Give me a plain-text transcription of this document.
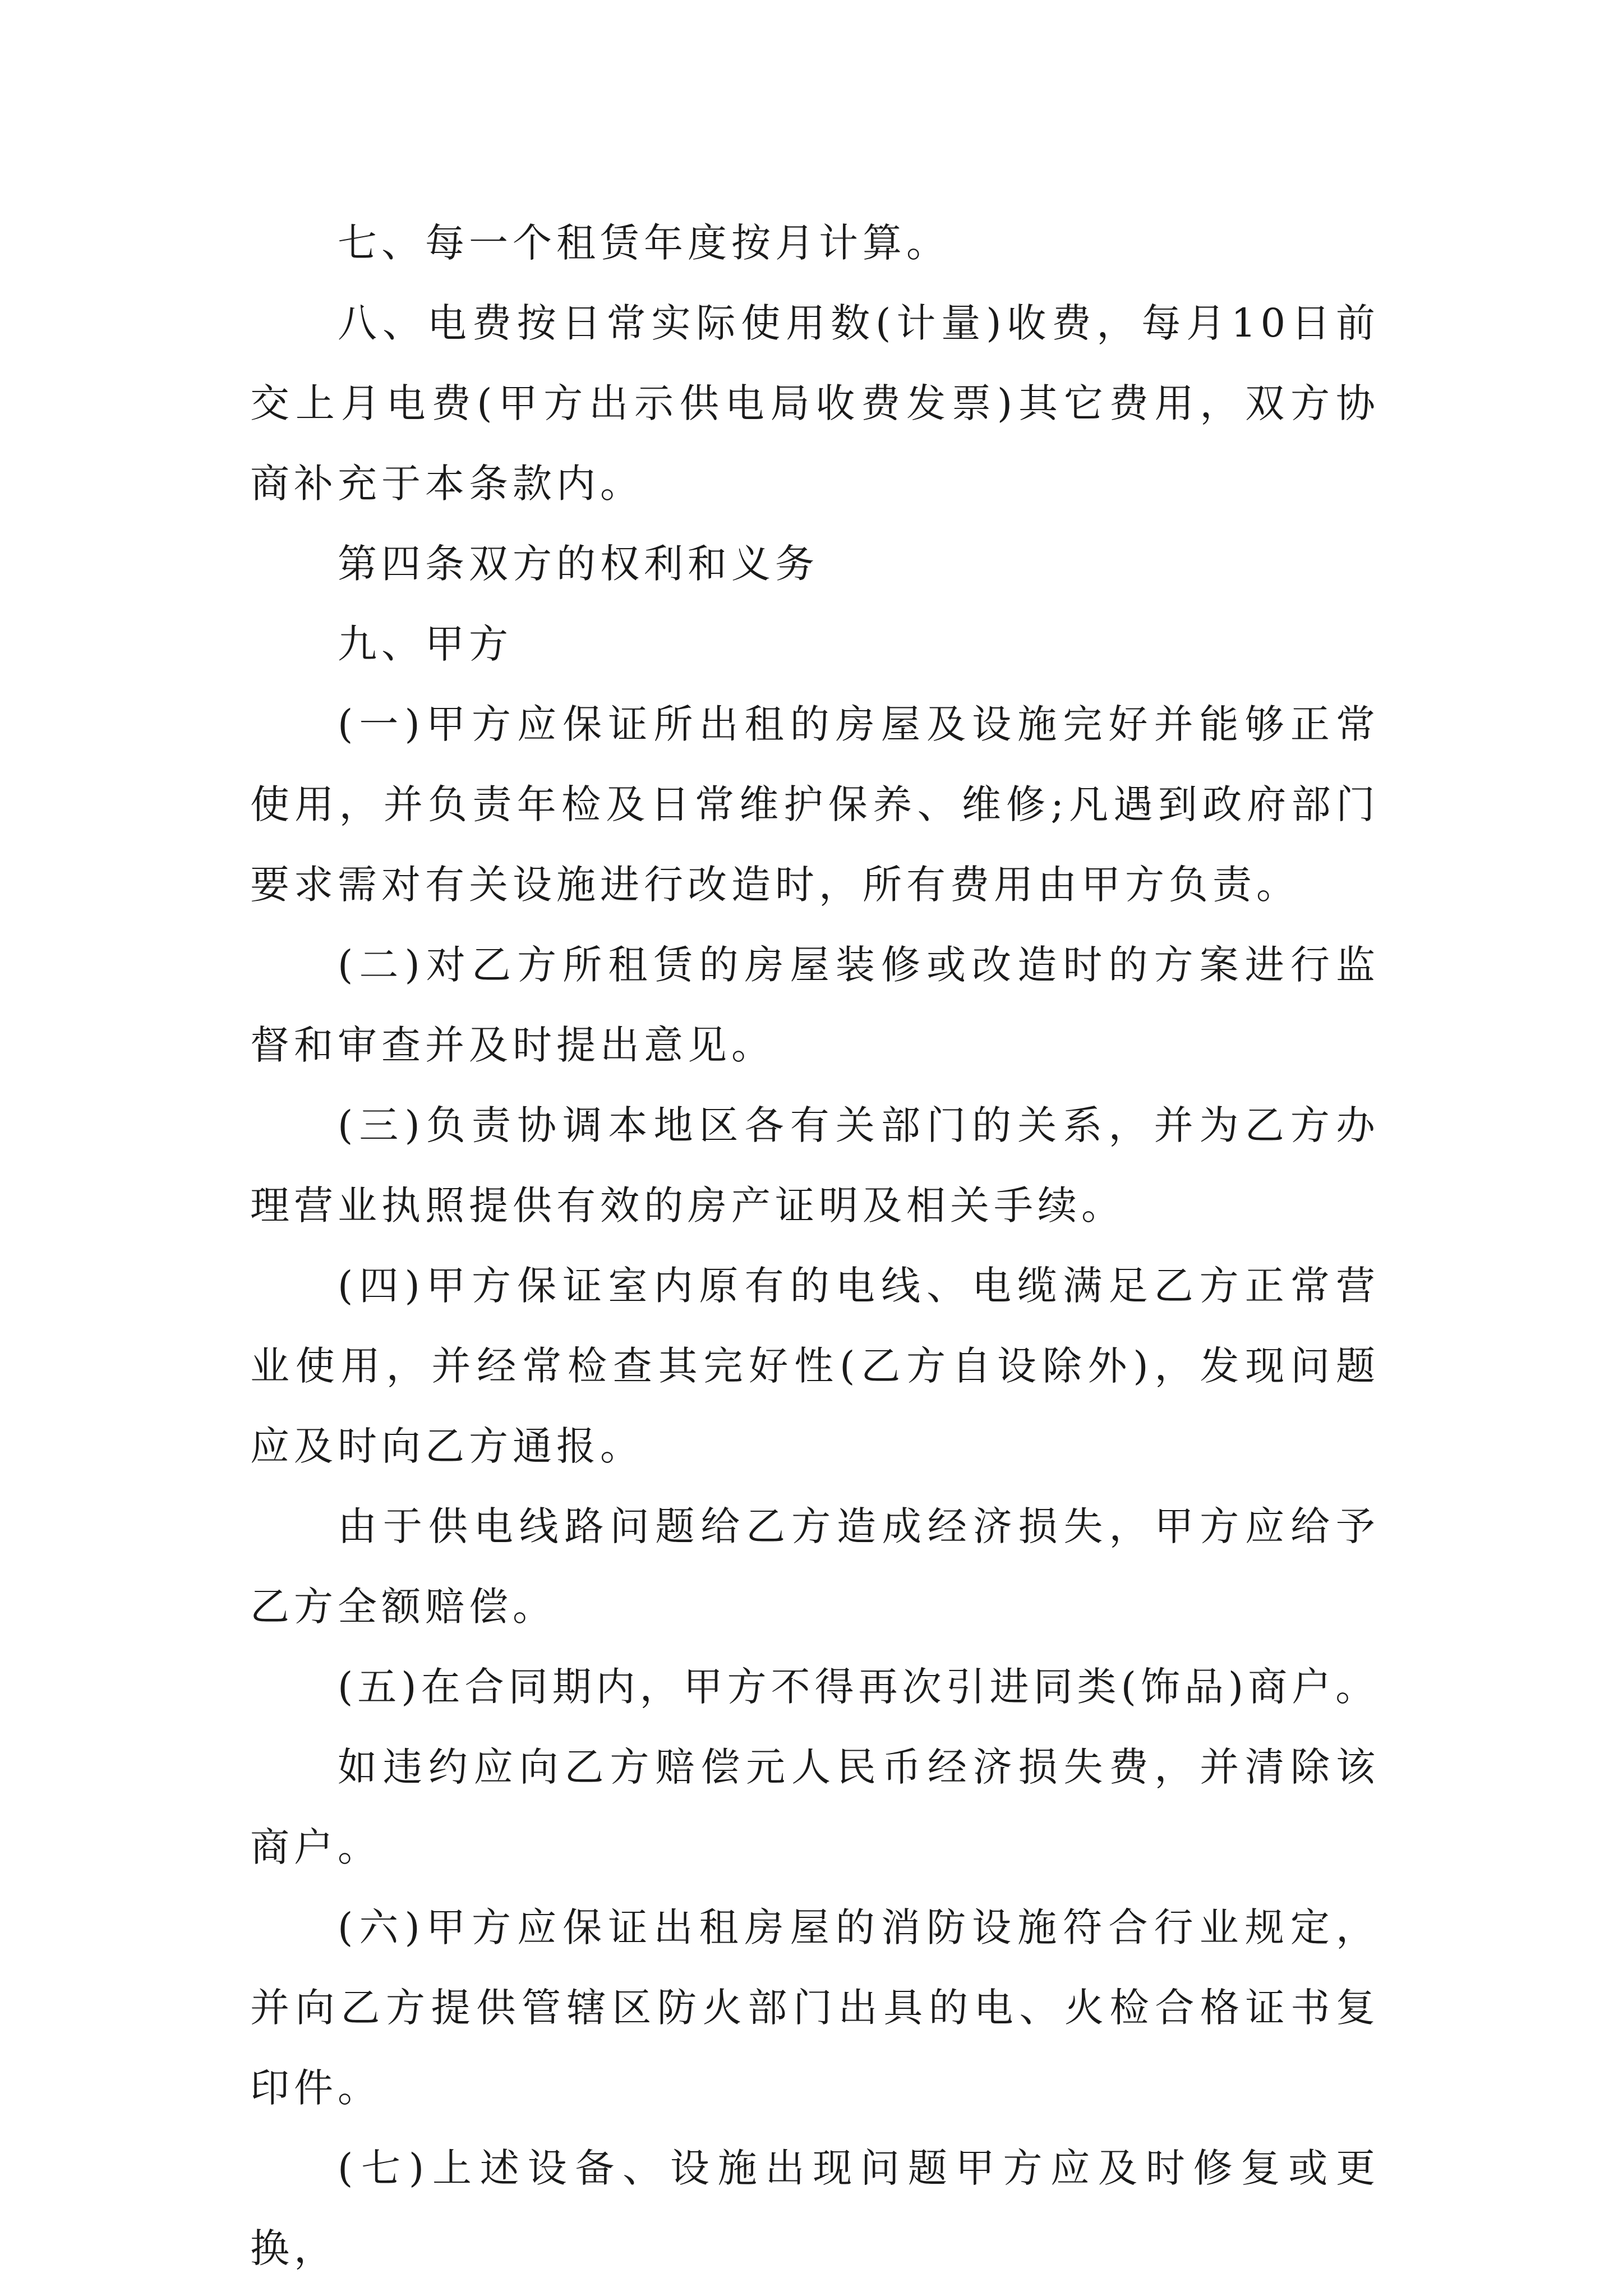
七、每一个租赁年度按月计算。

八、电费按日常实际使用数(计量)收费，每月10日前交上月电费(甲方出示供电局收费发票)其它费用，双方协商补充于本条款内。

第四条双方的权利和义务

九、甲方

(一)甲方应保证所出租的房屋及设施完好并能够正常使用，并负责年检及日常维护保养、维修;凡遇到政府部门要求需对有关设施进行改造时，所有费用由甲方负责。

(二)对乙方所租赁的房屋装修或改造时的方案进行监督和审查并及时提出意见。

(三)负责协调本地区各有关部门的关系，并为乙方办理营业执照提供有效的房产证明及相关手续。

(四)甲方保证室内原有的电线、电缆满足乙方正常营业使用，并经常检查其完好性(乙方自设除外)，发现问题应及时向乙方通报。

由于供电线路问题给乙方造成经济损失，甲方应给予乙方全额赔偿。

(五)在合同期内，甲方不得再次引进同类(饰品)商户。

如违约应向乙方赔偿元人民币经济损失费，并清除该商户。

(六)甲方应保证出租房屋的消防设施符合行业规定，并向乙方提供管辖区防火部门出具的电、火检合格证书复印件。

(七)上述设备、设施出现问题甲方应及时修复或更换，
